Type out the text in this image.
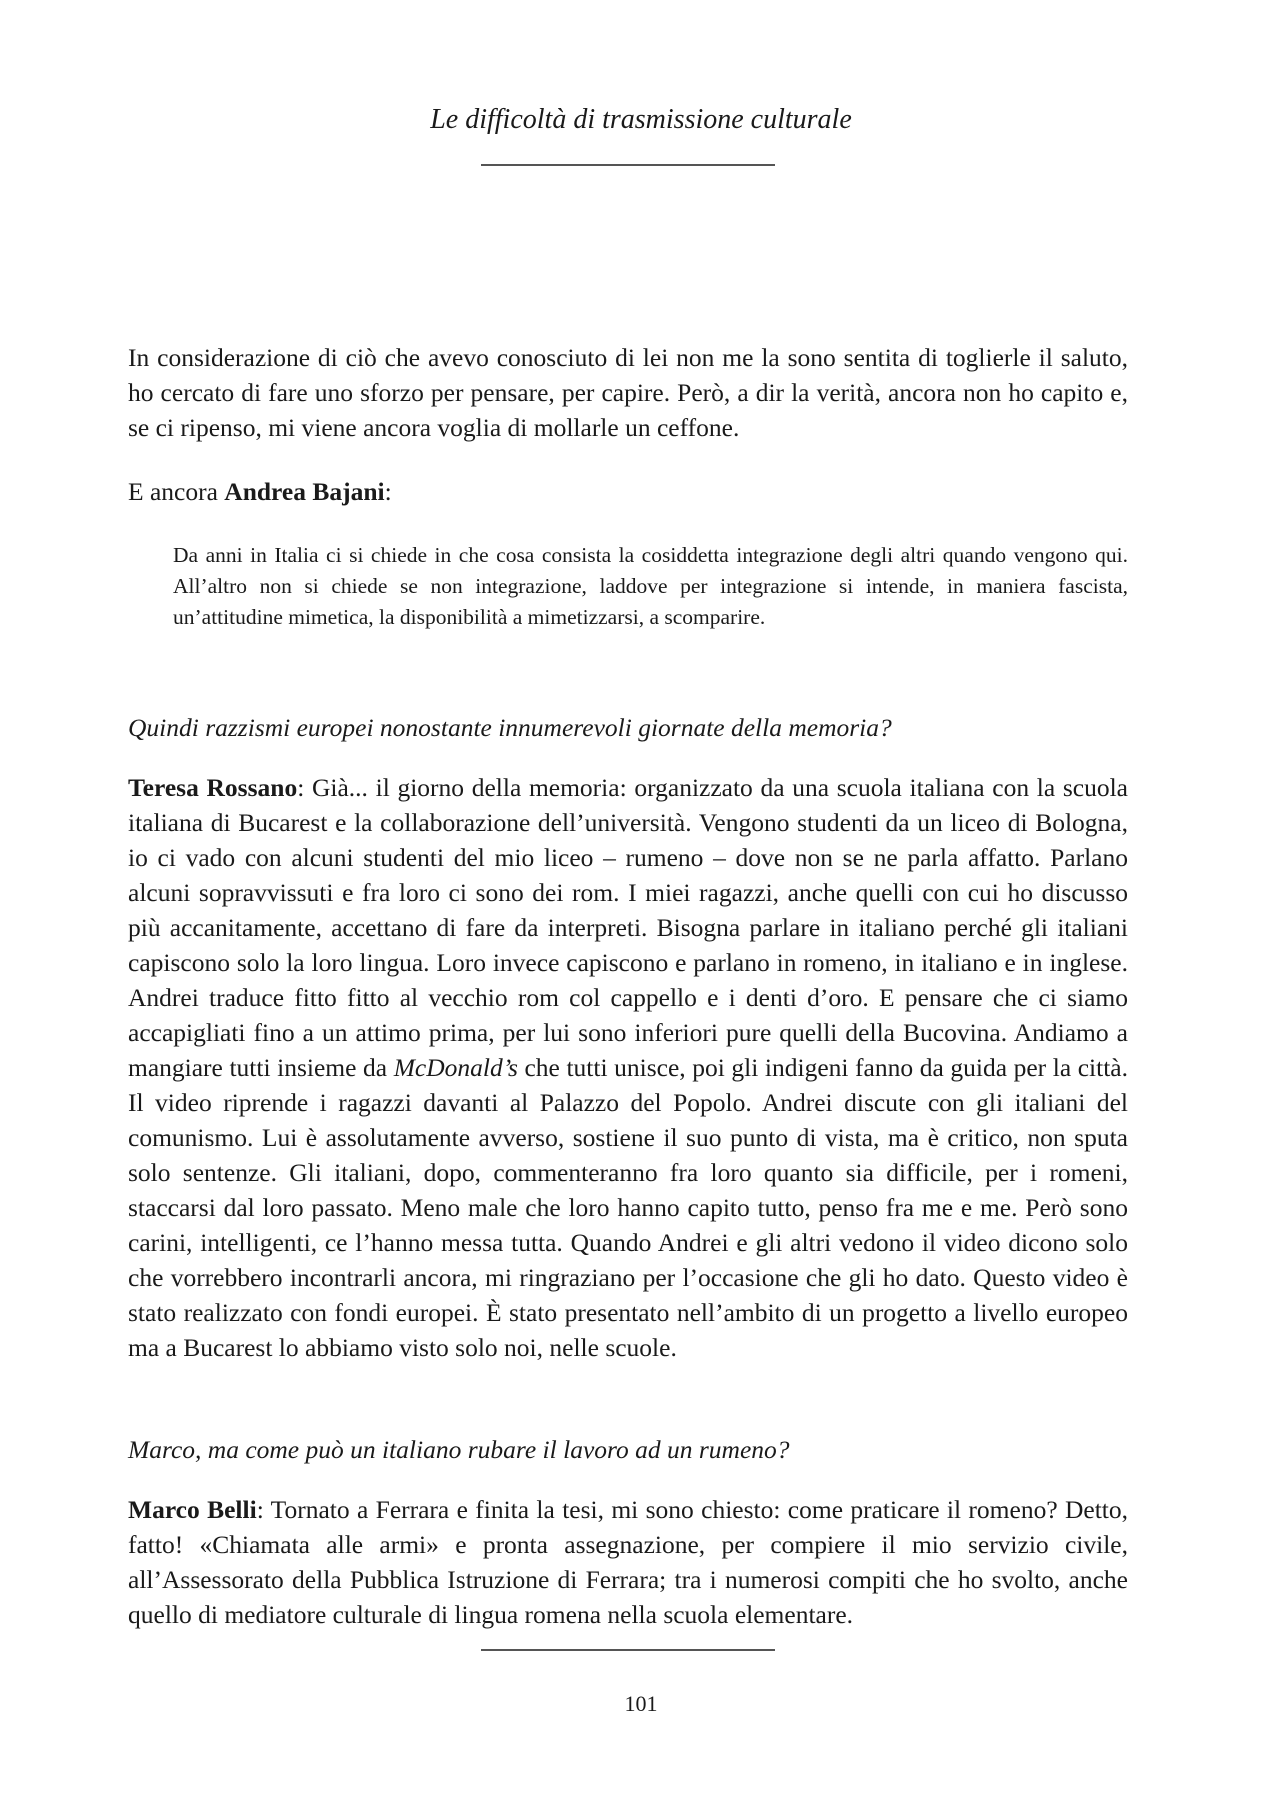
Le difficoltà di trasmissione culturale

In considerazione di ciò che avevo conosciuto di lei non me la sono sentita di toglierle il saluto, ho cercato di fare uno sforzo per pensare, per capire. Però, a dir la verità, ancora non ho capito e, se ci ripenso, mi viene ancora voglia di mollarle un ceffone.

E ancora Andrea Bajani:

Da anni in Italia ci si chiede in che cosa consista la cosiddetta integrazione degli altri quando vengono qui. All’altro non si chiede se non integrazione, laddove per integrazione si intende, in maniera fascista, un’attitudine mimetica, la disponibilità a mimetizzarsi, a scomparire.

Quindi razzismi europei nonostante innumerevoli giornate della memoria?

Teresa Rossano: Già... il giorno della memoria: organizzato da una scuola italiana con la scuola italiana di Bucarest e la collaborazione dell’università. Vengono studenti da un liceo di Bologna, io ci vado con alcuni studenti del mio liceo – rumeno – dove non se ne parla affatto. Parlano alcuni sopravvissuti e fra loro ci sono dei rom. I miei ragazzi, anche quelli con cui ho discusso più accanitamente, accettano di fare da interpreti. Bisogna parlare in italiano perché gli italiani capiscono solo la loro lingua. Loro invece capiscono e parlano in romeno, in italiano e in inglese. Andrei traduce fitto fitto al vecchio rom col cappello e i denti d’oro. E pensare che ci siamo accapigliati fino a un attimo prima, per lui sono inferiori pure quelli della Bucovina. Andiamo a mangiare tutti insieme da McDonald’s che tutti unisce, poi gli indigeni fanno da guida per la città. Il video riprende i ragazzi davanti al Palazzo del Popolo. Andrei discute con gli italiani del comunismo. Lui è assolutamente avverso, sostiene il suo punto di vista, ma è critico, non sputa solo sentenze. Gli italiani, dopo, commenteranno fra loro quanto sia difficile, per i romeni, staccarsi dal loro passato. Meno male che loro hanno capito tutto, penso fra me e me. Però sono carini, intelligenti, ce l’hanno messa tutta. Quando Andrei e gli altri vedono il video dicono solo che vorrebbero incontrarli ancora, mi ringraziano per l’occasione che gli ho dato. Questo video è stato realizzato con fondi europei. È stato presentato nell’ambito di un progetto a livello europeo ma a Bucarest lo abbiamo visto solo noi, nelle scuole.

Marco, ma come può un italiano rubare il lavoro ad un rumeno?

Marco Belli: Tornato a Ferrara e finita la tesi, mi sono chiesto: come praticare il romeno? Detto, fatto! «Chiamata alle armi» e pronta assegnazione, per compiere il mio servizio civile, all’Assessorato della Pubblica Istruzione di Ferrara; tra i numerosi compiti che ho svolto, anche quello di mediatore culturale di lingua romena nella scuola elementare.

101
